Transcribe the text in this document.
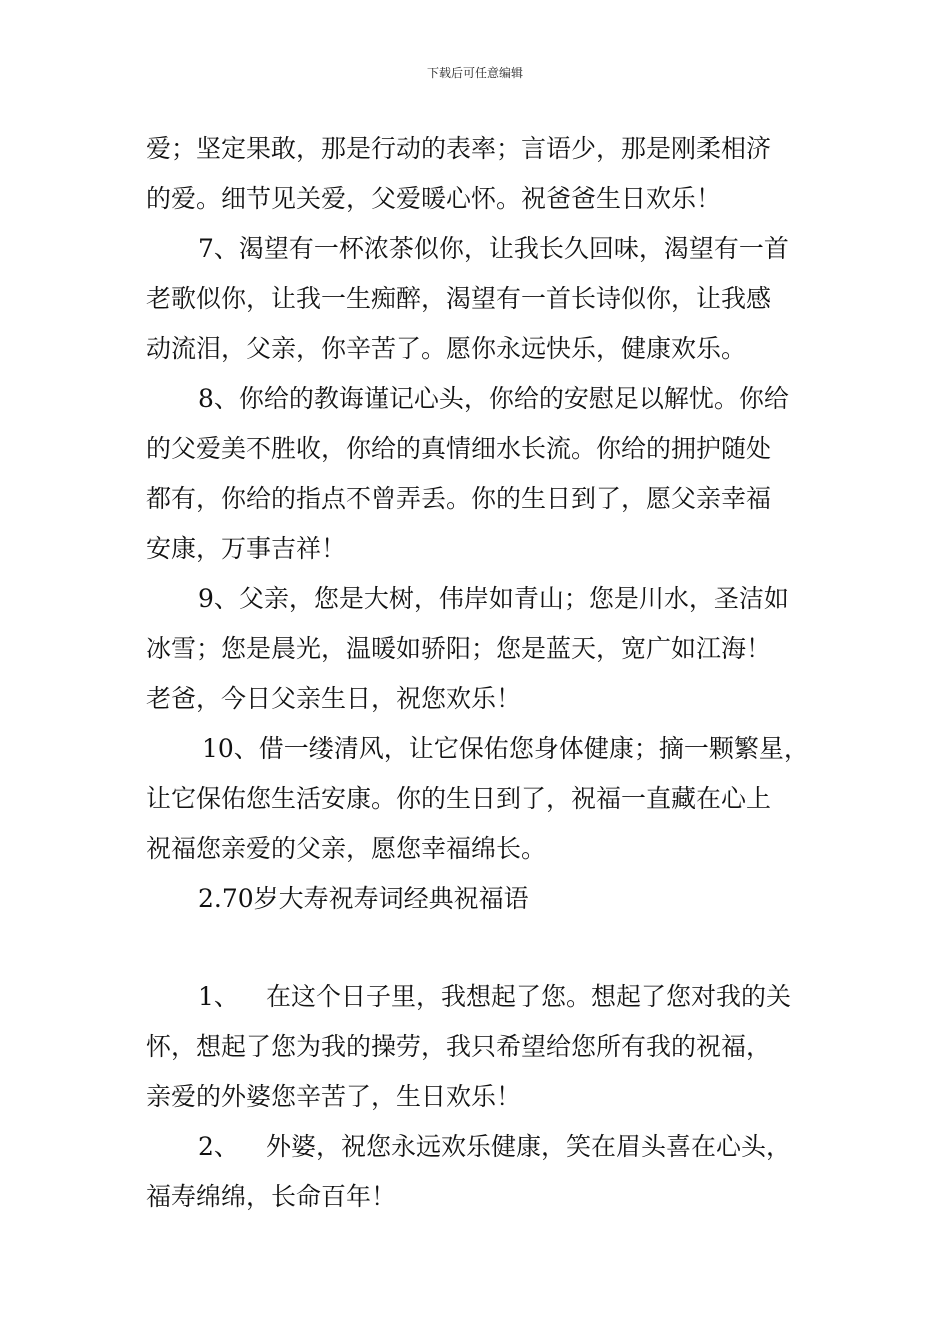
下载后可任意编辑
爱；坚定果敢，那是行动的表率；言语少，那是刚柔相济
的爱。细节见关爱，父爱暖心怀。祝爸爸生日欢乐！
7、渴望有一杯浓茶似你，让我长久回味，渴望有一首
老歌似你，让我一生痴醉，渴望有一首长诗似你，让我感
动流泪，父亲，你辛苦了。愿你永远快乐，健康欢乐。
8、你给的教诲谨记心头，你给的安慰足以解忧。你给
的父爱美不胜收，你给的真情细水长流。你给的拥护随处
都有，你给的指点不曾弄丢。你的生日到了，愿父亲幸福
安康，万事吉祥！
9、父亲，您是大树，伟岸如青山；您是川水，圣洁如
冰雪；您是晨光，温暖如骄阳；您是蓝天，宽广如江海！
老爸，今日父亲生日，祝您欢乐！
10、借一缕清风，让它保佑您身体健康；摘一颗繁星，
让它保佑您生活安康。你的生日到了，祝福一直藏在心上
祝福您亲爱的父亲，愿您幸福绵长。
2.70岁大寿祝寿词经典祝福语
1、 在这个日子里，我想起了您。想起了您对我的关
怀，想起了您为我的操劳，我只希望给您所有我的祝福，
亲爱的外婆您辛苦了，生日欢乐！
2、 外婆，祝您永远欢乐健康，笑在眉头喜在心头，
福寿绵绵，长命百年！
